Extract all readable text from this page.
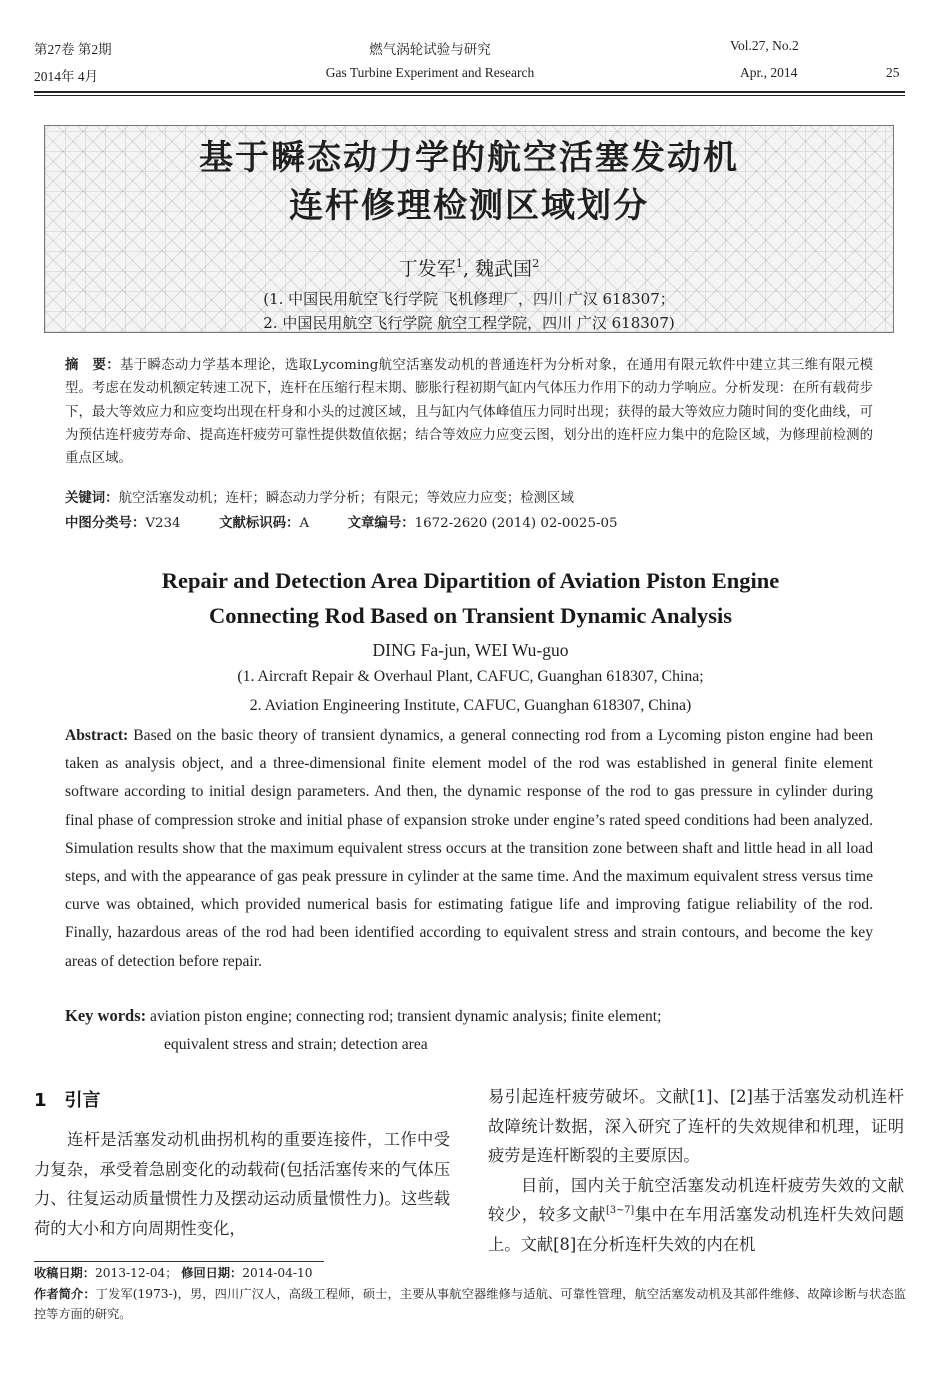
第27卷 第2期
2014年 4月
燃气涡轮试验与研究
Gas Turbine Experiment and Research
Vol.27, No.2
Apr., 2014	25
基于瞬态动力学的航空活塞发动机
连杆修理检测区域划分
丁发军$^1$, 魏武国$^2$
(1. 中国民用航空飞行学院 飞机修理厂，四川 广汉 618307；
2. 中国民用航空飞行学院 航空工程学院，四川 广汉 618307)
摘　要：基于瞬态动力学基本理论，选取Lycoming航空活塞发动机的普通连杆为分析对象，在通用有限元软件中建立其三维有限元模型。考虑在发动机额定转速工况下，连杆在压缩行程末期、膨胀行程初期气缸内气体压力作用下的动力学响应。分析发现：在所有载荷步下，最大等效应力和应变均出现在杆身和小头的过渡区域，且与缸内气体峰值压力同时出现；获得的最大等效应力随时间的变化曲线，可为预估连杆疲劳寿命、提高连杆疲劳可靠性提供数值依据；结合等效应力应变云图，划分出的连杆应力集中的危险区域，为修理前检测的重点区域。
关键词：航空活塞发动机；连杆；瞬态动力学分析；有限元；等效应力应变；检测区域
中图分类号：V234	文献标识码：A	文章编号：1672-2620 (2014) 02-0025-05
Repair and Detection Area Dipartition of Aviation Piston Engine
Connecting Rod Based on Transient Dynamic Analysis
DING Fa-jun, WEI Wu-guo
(1. Aircraft Repair & Overhaul Plant, CAFUC, Guanghan 618307, China;
2. Aviation Engineering Institute, CAFUC, Guanghan 618307, China)
Abstract: Based on the basic theory of transient dynamics, a general connecting rod from a Lycoming piston engine had been taken as analysis object, and a three-dimensional finite element model of the rod was established in general finite element software according to initial design parameters. And then, the dynamic response of the rod to gas pressure in cylinder during final phase of compression stroke and initial phase of expansion stroke under engine’s rated speed conditions had been analyzed. Simulation results show that the maximum equivalent stress occurs at the transition zone between shaft and little head in all load steps, and with the appearance of gas peak pressure in cylinder at the same time. And the maximum equivalent stress versus time curve was obtained, which provided numerical basis for estimating fatigue life and improving fatigue reliability of the rod. Finally, hazardous areas of the rod had been identified according to equivalent stress and strain contours, and become the key areas of detection before repair.
Key words: aviation piston engine; connecting rod; transient dynamic analysis; finite element;
equivalent stress and strain; detection area
1　引言
连杆是活塞发动机曲拐机构的重要连接件，工作中受力复杂，承受着急剧变化的动载荷(包括活塞传来的气体压力、往复运动质量惯性力及摆动运动质量惯性力)。这些载荷的大小和方向周期性变化，

易引起连杆疲劳破坏。文献[1]、[2]基于活塞发动机连杆故障统计数据，深入研究了连杆的失效规律和机理，证明疲劳是连杆断裂的主要原因。

目前，国内关于航空活塞发动机连杆疲劳失效的文献较少，较多文献[3~7]集中在车用活塞发动机连杆失效问题上。文献[8]在分析连杆失效的内在机

收稿日期：2013-12-04； 修回日期：2014-04-10
作者简介：丁发军(1973-)，男，四川广汉人，高级工程师，硕士，主要从事航空器维修与适航、可靠性管理，航空活塞发动机及其部件维修、故障诊断与状态监控等方面的研究。
